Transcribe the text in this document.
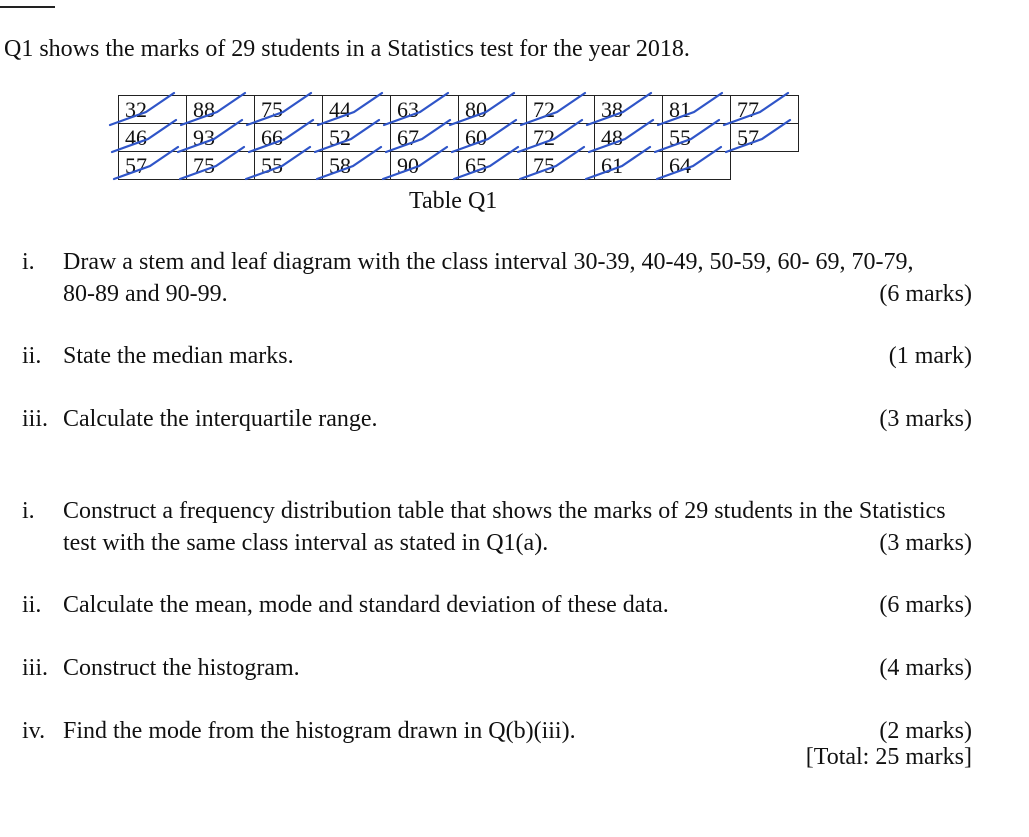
Q1 shows the marks of 29 students in a Statistics test for the year 2018.
32	88	75	44	63	80	72	38	81	77
46	93	66	52	67	60	72	48	55	57
57	75	55	58	90	65	75	61	64	
Table Q1
i. Draw a stem and leaf diagram with the class interval 30-39, 40-49, 50-59, 60- 69, 70-79,
80-89 and 90-99.	(6 marks)
ii. State the median marks.	(1 mark)
iii. Calculate the interquartile range.	(3 marks)
i. Construct a frequency distribution table that shows the marks of 29 students in the Statistics
test with the same class interval as stated in Q1(a).	(3 marks)
ii. Calculate the mean, mode and standard deviation of these data.	(6 marks)
iii. Construct the histogram.	(4 marks)
iv. Find the mode from the histogram drawn in Q(b)(iii).	(2 marks)
[Total: 25 marks]
